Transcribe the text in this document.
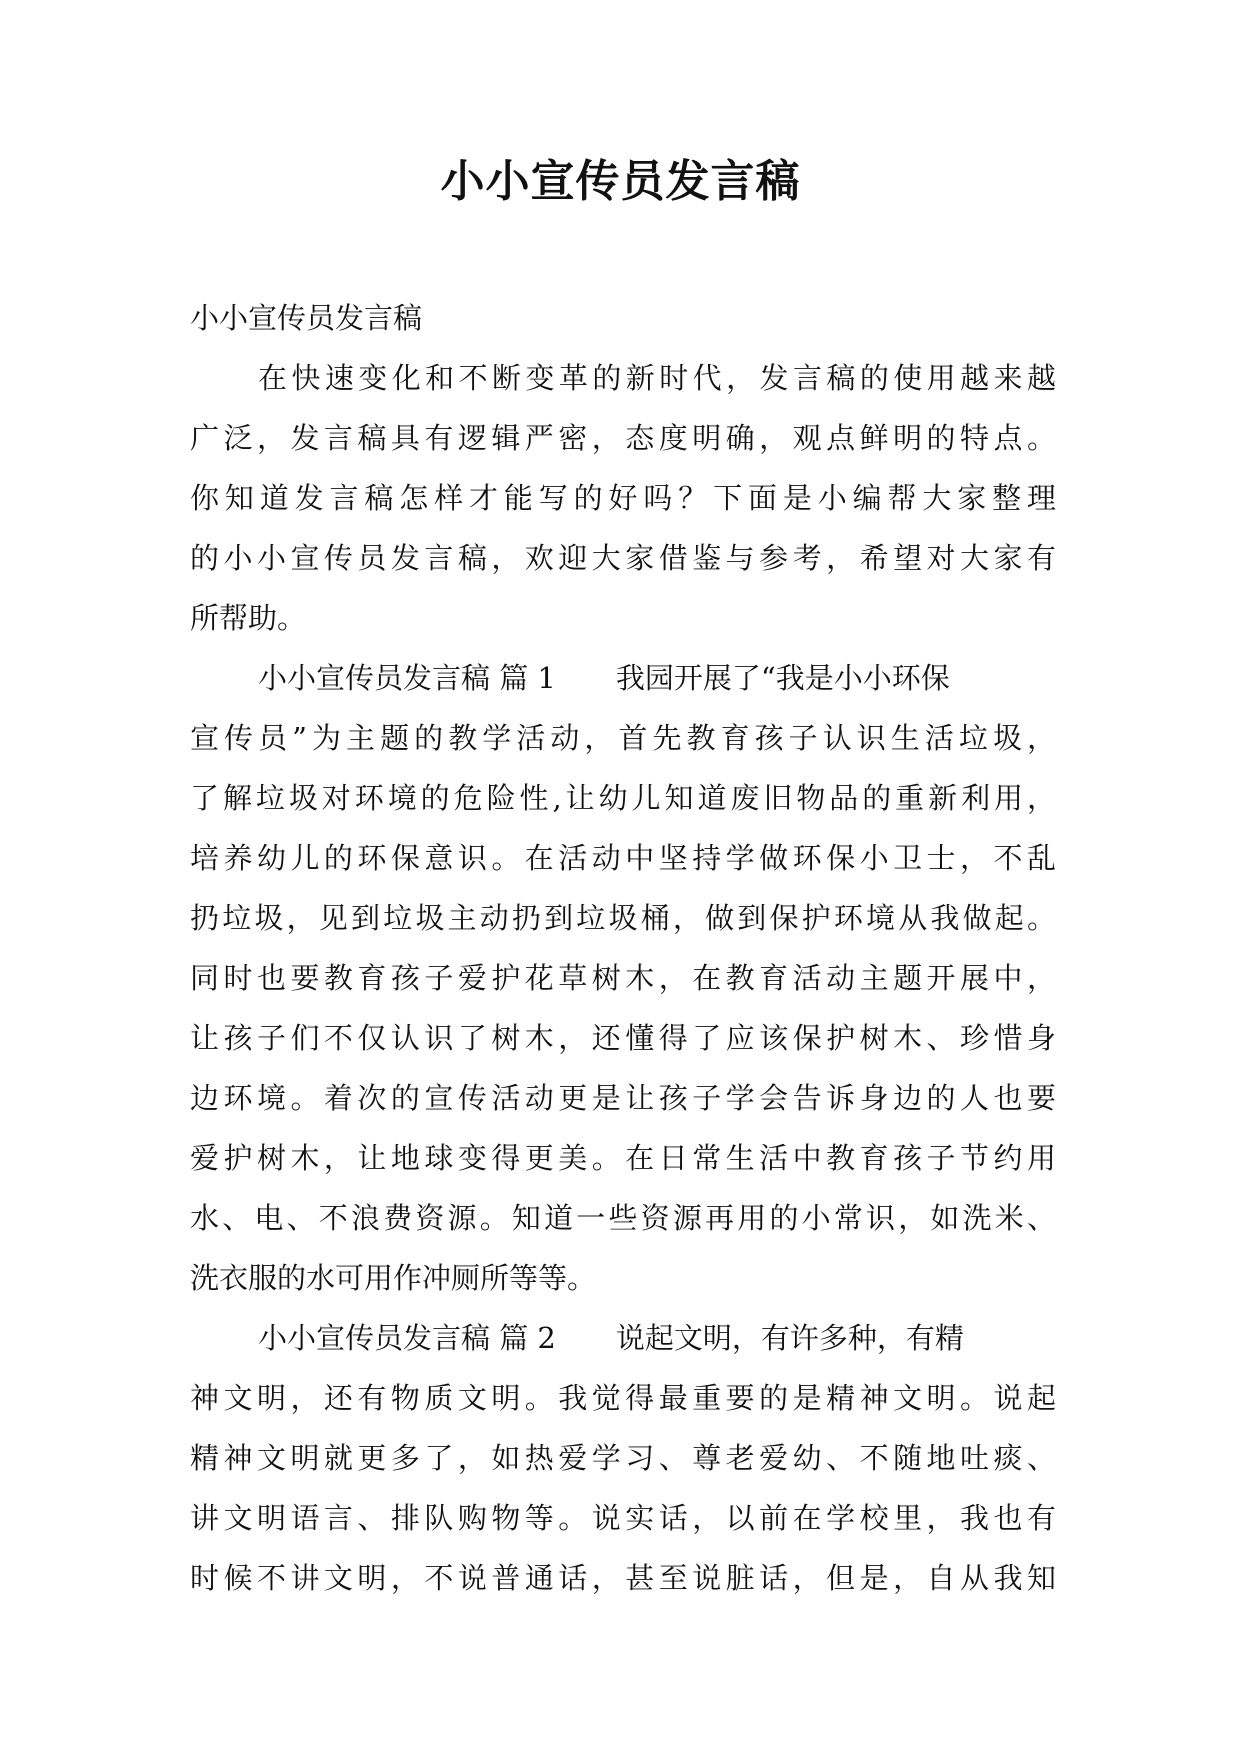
小小宣传员发言稿
小小宣传员发言稿
在快速变化和不断变革的新时代，发言稿的使用越来越
广泛，发言稿具有逻辑严密，态度明确，观点鲜明的特点。
你知道发言稿怎样才能写的好吗？下面是小编帮大家整理
的小小宣传员发言稿，欢迎大家借鉴与参考，希望对大家有
所帮助。
小小宣传员发言稿 篇 1 我园开展了“我是小小环保
宣传员”为主题的教学活动，首先教育孩子认识生活垃圾，
了解垃圾对环境的危险性,让幼儿知道废旧物品的重新利用，
培养幼儿的环保意识。在活动中坚持学做环保小卫士，不乱
扔垃圾，见到垃圾主动扔到垃圾桶，做到保护环境从我做起。
同时也要教育孩子爱护花草树木，在教育活动主题开展中，
让孩子们不仅认识了树木，还懂得了应该保护树木、珍惜身
边环境。着次的宣传活动更是让孩子学会告诉身边的人也要
爱护树木，让地球变得更美。在日常生活中教育孩子节约用
水、电、不浪费资源。知道一些资源再用的小常识，如洗米、
洗衣服的水可用作冲厕所等等。
小小宣传员发言稿 篇 2 说起文明，有许多种，有精
神文明，还有物质文明。我觉得最重要的是精神文明。说起
精神文明就更多了，如热爱学习、尊老爱幼、不随地吐痰、
讲文明语言、排队购物等。说实话，以前在学校里，我也有
时候不讲文明，不说普通话，甚至说脏话，但是，自从我知
